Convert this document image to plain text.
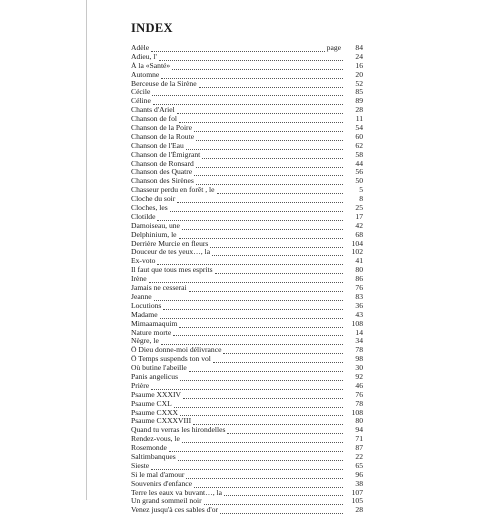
INDEX
Adèle	page	84
Adieu, l'	24
À la «Santé»	16
Automne	20
Berceuse de la Sirène	52
Cécile	85
Céline	89
Chants d'Ariel	28
Chanson de fol	11
Chanson de la Poire	54
Chanson de la Route	60
Chanson de l'Eau	62
Chanson de l'Émigrant	58
Chanson de Ronsard	44
Chanson des Quatre	56
Chanson des Sirènes	50
Chasseur perdu en forêt , le	5
Cloche du soir	8
Cloches, les	25
Clotilde	17
Damoiseau, une	42
Delphinium, le	68
Derrière Murcie en fleurs	104
Douceur de tes yeux…, la	102
Ex-voto	41
Il faut que tous mes esprits	80
Irène	86
Jamais ne cesserai	76
Jeanne	83
Locutions	36
Madame	43
Mimaamaquim	108
Nature morte	14
Nègre, le	34
Ô Dieu donne-moi délivrance	78
Ô Temps suspends ton vol	98
Où butine l'abeille	30
Panis angelicus	92
Prière	46
Psaume XXXIV	76
Psaume CXL	78
Psaume CXXX	108
Psaume CXXXVIII	80
Quand tu verras les hirondelles	94
Rendez-vous, le	71
Rosemonde	87
Saltimbanques	22
Sieste	65
Si le mal d'amour	96
Souvenirs d'enfance	38
Terre les eaux va buvant…, la	107
Un grand sommeil noir	105
Venez jusqu'à ces sables d'or	28
